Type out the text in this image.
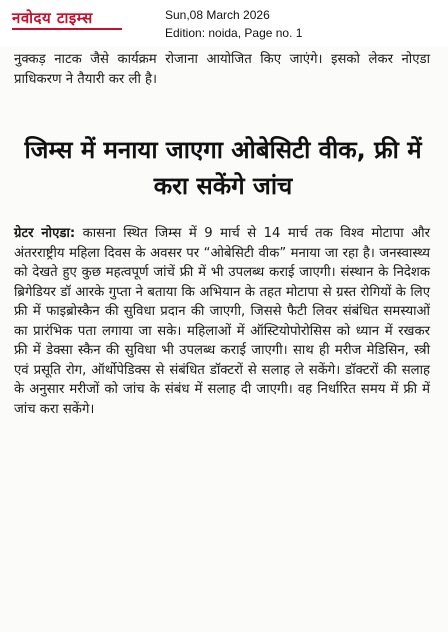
नवोदय टाइम्स	Sun,08 March 2026
Edition: noida, Page no. 1
नुक्कड़ नाटक जैसे कार्यक्रम रोजाना आयोजित किए जाएंगे। इसको लेकर नोएडा प्राधिकरण ने तैयारी कर ली है।
जिम्स में मनाया जाएगा ओबेसिटी वीक, फ्री में करा सकेंगे जांच
ग्रेटर नोएडा: कासना स्थित जिम्स में 9 मार्च से 14 मार्च तक विश्व मोटापा और अंतरराष्ट्रीय महिला दिवस के अवसर पर “ओबेसिटी वीक” मनाया जा रहा है। जनस्वास्थ्य को देखते हुए कुछ महत्वपूर्ण जांचें फ्री में भी उपलब्ध कराई जाएगी। संस्थान के निदेशक ब्रिगेडियर डॉ आरके गुप्ता ने बताया कि अभियान के तहत मोटापा से ग्रस्त रोगियों के लिए फ्री में फाइब्रोस्कैन की सुविधा प्रदान की जाएगी, जिससे फैटी लिवर संबंधित समस्याओं का प्रारंभिक पता लगाया जा सके। महिलाओं में ऑस्टियोपोरोसिस को ध्यान में रखकर फ्री में डेक्सा स्कैन की सुविधा भी उपलब्ध कराई जाएगी। साथ ही मरीज मेडिसिन, स्त्री एवं प्रसूति रोग, ऑर्थोपेडिक्स से संबंधित डॉक्टरों से सलाह ले सकेंगे। डॉक्टरों की सलाह के अनुसार मरीजों को जांच के संबंध में सलाह दी जाएगी। वह निर्धारित समय में फ्री में जांच करा सकेंगे।
